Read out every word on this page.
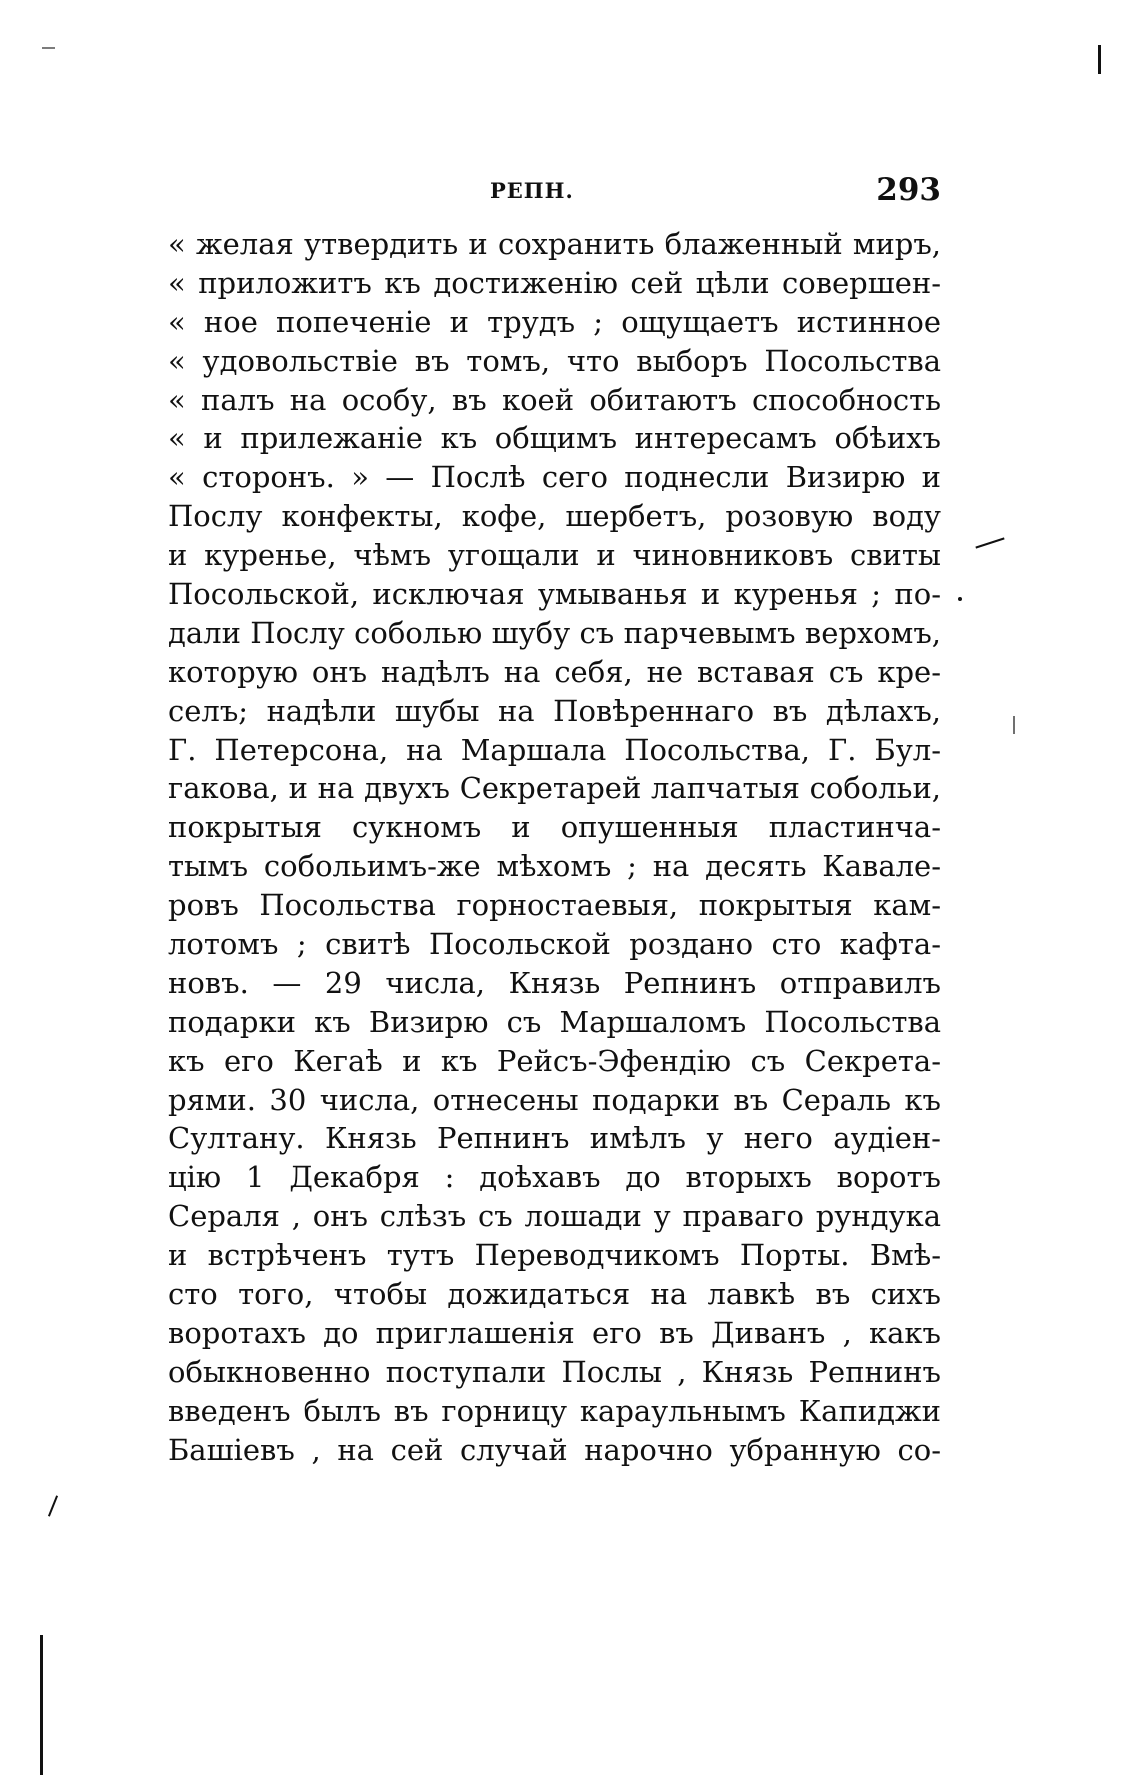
РЕПН.	293
« желая утвердить и сохранить блаженный миръ,
« приложитъ къ достиженію сей цѣли совершен-
« ное попеченіе и трудъ ; ощущаетъ истинное
« удовольствіе въ томъ, что выборъ Посольства
« палъ на особу, въ коей обитаютъ способность
« и прилежаніе къ общимъ интересамъ обѣихъ
« сторонъ. » — Послѣ сего поднесли Визирю и
Послу конфекты, кофе, шербетъ, розовую воду
и куренье, чѣмъ угощали и чиновниковъ свиты
Посольской, исключая умыванья и куренья ; по-
дали Послу соболью шубу съ парчевымъ верхомъ,
которую онъ надѣлъ на себя, не вставая съ кре-
селъ; надѣли шубы на Повѣреннаго въ дѣлахъ,
Г. Петерсона, на Маршала Посольства, Г. Бул-
гакова, и на двухъ Секретарей лапчатыя собольи,
покрытыя сукномъ и опушенныя пластинча-
тымъ собольимъ-же мѣхомъ ; на десять Кавале-
ровъ Посольства горностаевыя, покрытыя кам-
лотомъ ; свитѣ Посольской роздано сто кафта-
новъ. — 29 числа, Князь Репнинъ отправилъ
подарки къ Визирю съ Маршаломъ Посольства
къ его Кегаѣ и къ Рейсъ-Эфендію съ Секрета-
рями. 30 числа, отнесены подарки въ Сераль къ
Султану. Князь Репнинъ имѣлъ у него аудіен-
цію 1 Декабря : доѣхавъ до вторыхъ воротъ
Сераля , онъ слѣзъ съ лошади у праваго рундука
и встрѣченъ тутъ Переводчикомъ Порты. Вмѣ-
сто того, чтобы дожидаться на лавкѣ въ сихъ
воротахъ до приглашенія его въ Диванъ , какъ
обыкновенно поступали Послы , Князь Репнинъ
введенъ былъ въ горницу караульнымъ Капиджи
Башіевъ , на сей случай нарочно убранную со-
